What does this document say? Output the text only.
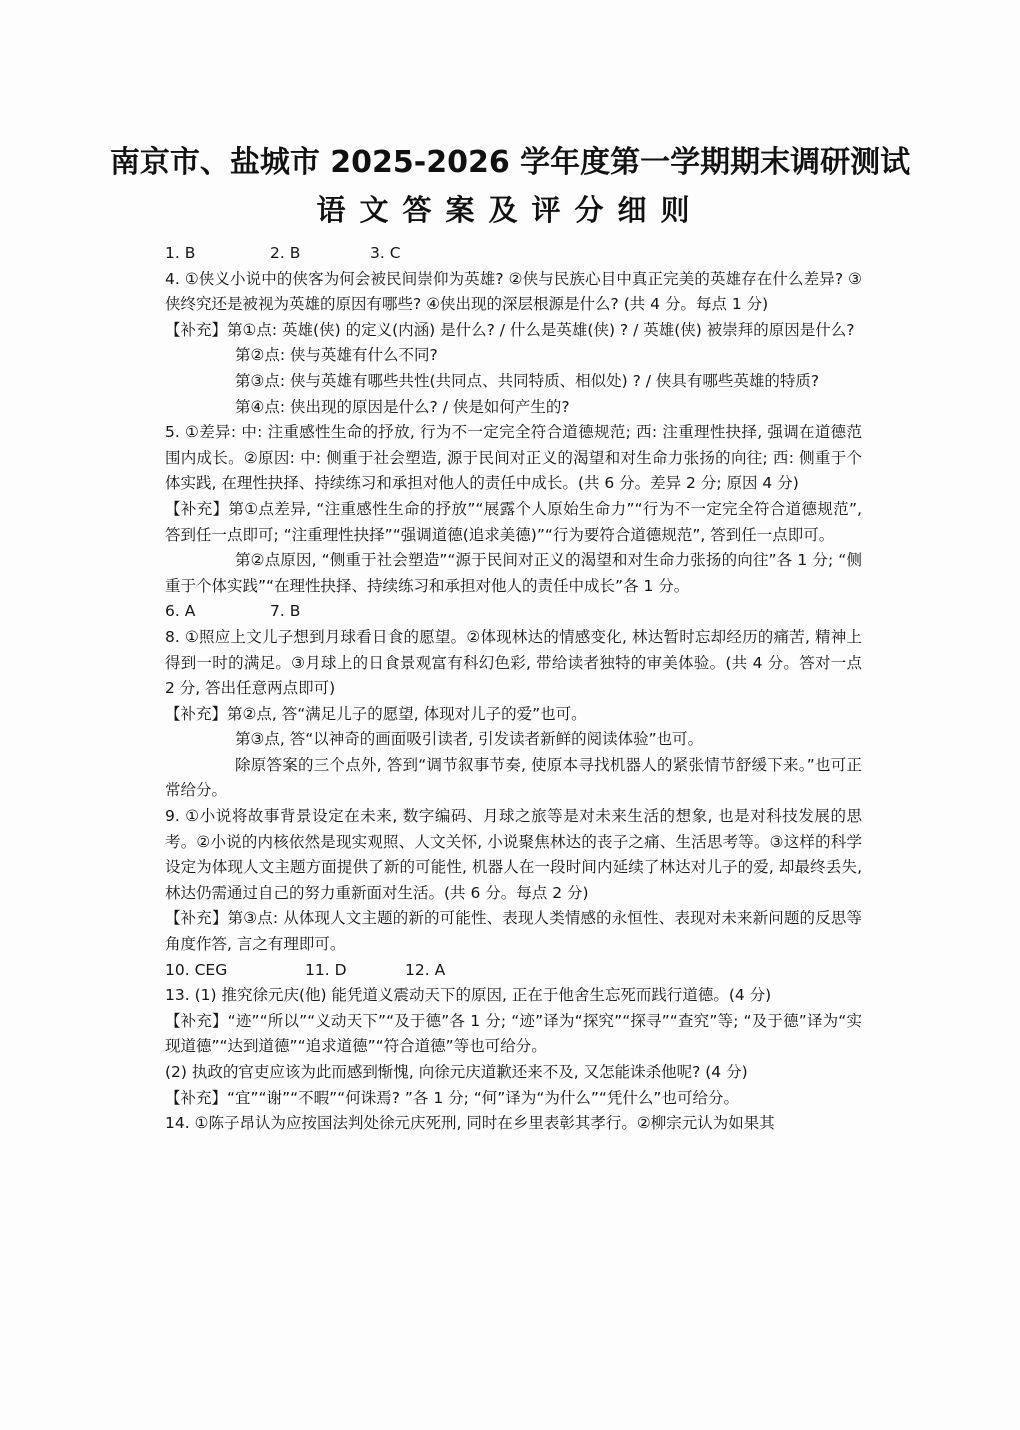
南京市、盐城市 2025-2026 学年度第一学期期末调研测试
语文答案及评分细则
1. B	2. B	3. C

4. ①侠义小说中的侠客为何会被民间崇仰为英雄? ②侠与民族心目中真正完美的英雄存在什么差异? ③侠终究还是被视为英雄的原因有哪些? ④侠出现的深层根源是什么? (共 4 分。每点 1 分)

【补充】第①点: 英雄(侠) 的定义(内涵) 是什么? / 什么是英雄(侠) ? / 英雄(侠) 被崇拜的原因是什么?

第②点: 侠与英雄有什么不同?

第③点: 侠与英雄有哪些共性(共同点、共同特质、相似处) ? / 侠具有哪些英雄的特质?

第④点: 侠出现的原因是什么? / 侠是如何产生的?

5. ①差异: 中: 注重感性生命的抒放, 行为不一定完全符合道德规范; 西: 注重理性抉择, 强调在道德范围内成长。②原因: 中: 侧重于社会塑造, 源于民间对正义的渴望和对生命力张扬的向往; 西: 侧重于个体实践, 在理性抉择、持续练习和承担对他人的责任中成长。(共 6 分。差异 2 分; 原因 4 分)

【补充】第①点差异, “注重感性生命的抒放”“展露个人原始生命力”“行为不一定完全符合道德规范”, 答到任一点即可; “注重理性抉择”“强调道德(追求美德)”“行为要符合道德规范”, 答到任一点即可。

第②点原因, “侧重于社会塑造”“源于民间对正义的渴望和对生命力张扬的向往”各 1 分; “侧重于个体实践”“在理性抉择、持续练习和承担对他人的责任中成长”各 1 分。

6. A	7. B

8. ①照应上文儿子想到月球看日食的愿望。②体现林达的情感变化, 林达暂时忘却经历的痛苦, 精神上得到一时的满足。③月球上的日食景观富有科幻色彩, 带给读者独特的审美体验。(共 4 分。答对一点 2 分, 答出任意两点即可)

【补充】第②点, 答“满足儿子的愿望, 体现对儿子的爱”也可。

第③点, 答“以神奇的画面吸引读者, 引发读者新鲜的阅读体验”也可。

除原答案的三个点外, 答到“调节叙事节奏, 使原本寻找机器人的紧张情节舒缓下来。”也可正常给分。

9. ①小说将故事背景设定在未来, 数字编码、月球之旅等是对未来生活的想象, 也是对科技发展的思考。②小说的内核依然是现实观照、人文关怀, 小说聚焦林达的丧子之痛、生活思考等。③这样的科学设定为体现人文主题方面提供了新的可能性, 机器人在一段时间内延续了林达对儿子的爱, 却最终丢失, 林达仍需通过自己的努力重新面对生活。(共 6 分。每点 2 分)

【补充】第③点: 从体现人文主题的新的可能性、表现人类情感的永恒性、表现对未来新问题的反思等角度作答, 言之有理即可。

10. CEG	11. D	12. A

13. (1) 推究徐元庆(他) 能凭道义震动天下的原因, 正在于他舍生忘死而践行道德。(4 分)

【补充】“迹”“所以”“义动天下”“及于德”各 1 分; “迹”译为“探究”“探寻”“查究”等; “及于德”译为“实现道德”“达到道德”“追求道德”“符合道德”等也可给分。

(2) 执政的官吏应该为此而感到惭愧, 向徐元庆道歉还来不及, 又怎能诛杀他呢? (4 分)

【补充】“宜”“谢”“不暇”“何诛焉? ”各 1 分; “何”译为“为什么”“凭什么”也可给分。

14. ①陈子昂认为应按国法判处徐元庆死刑, 同时在乡里表彰其孝行。②柳宗元认为如果其
